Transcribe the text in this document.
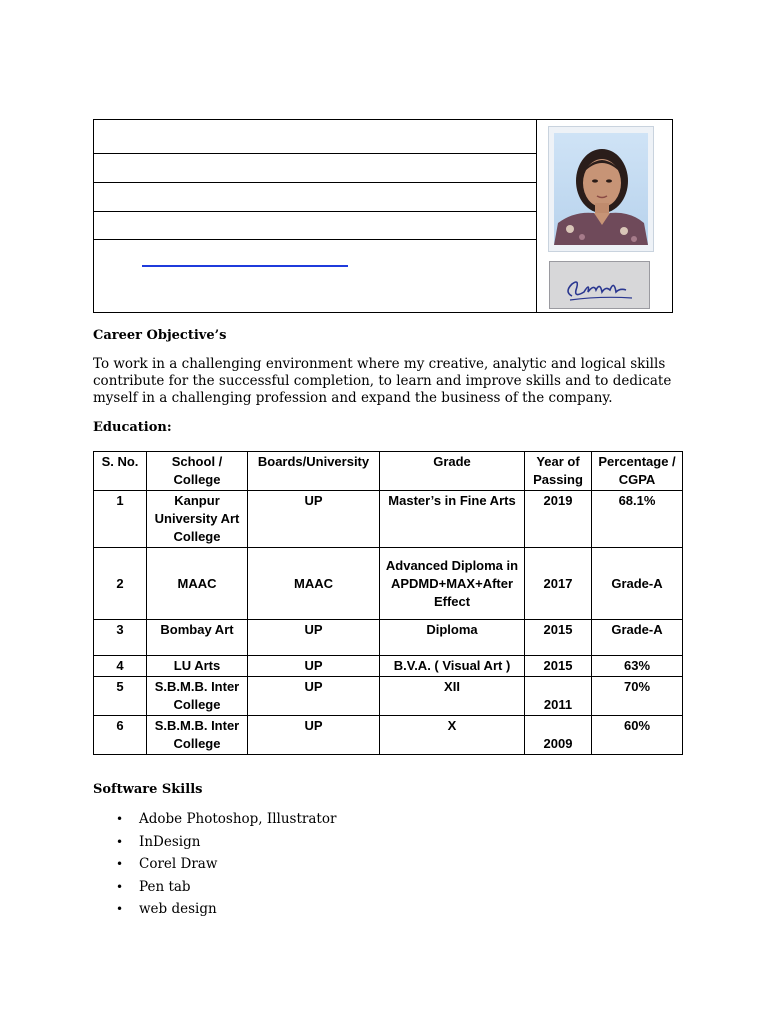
Career Objective’s
To work in a challenging environment where my creative, analytic and logical skills contribute for the successful completion, to learn and improve skills and to dedicate myself in a challenging profession and expand the business of the company.
Education:
S. No.	School / College	Boards/University	Grade	Year of Passing	Percentage / CGPA
1	Kanpur University Art College	UP	Master’s in Fine Arts	2019	68.1%
2	MAAC	MAAC	Advanced Diploma in APDMD+MAX+After Effect	2017	Grade-A
3	Bombay Art	UP	Diploma	2015	Grade-A
4	LU Arts	UP	B.V.A. ( Visual Art )	2015	63%
5	S.B.M.B. Inter College	UP	XII	2011	70%
6	S.B.M.B. Inter College	UP	X	2009	60%
Software Skills
• Adobe Photoshop, Illustrator
• InDesign
• Corel Draw
• Pen tab
• web design
